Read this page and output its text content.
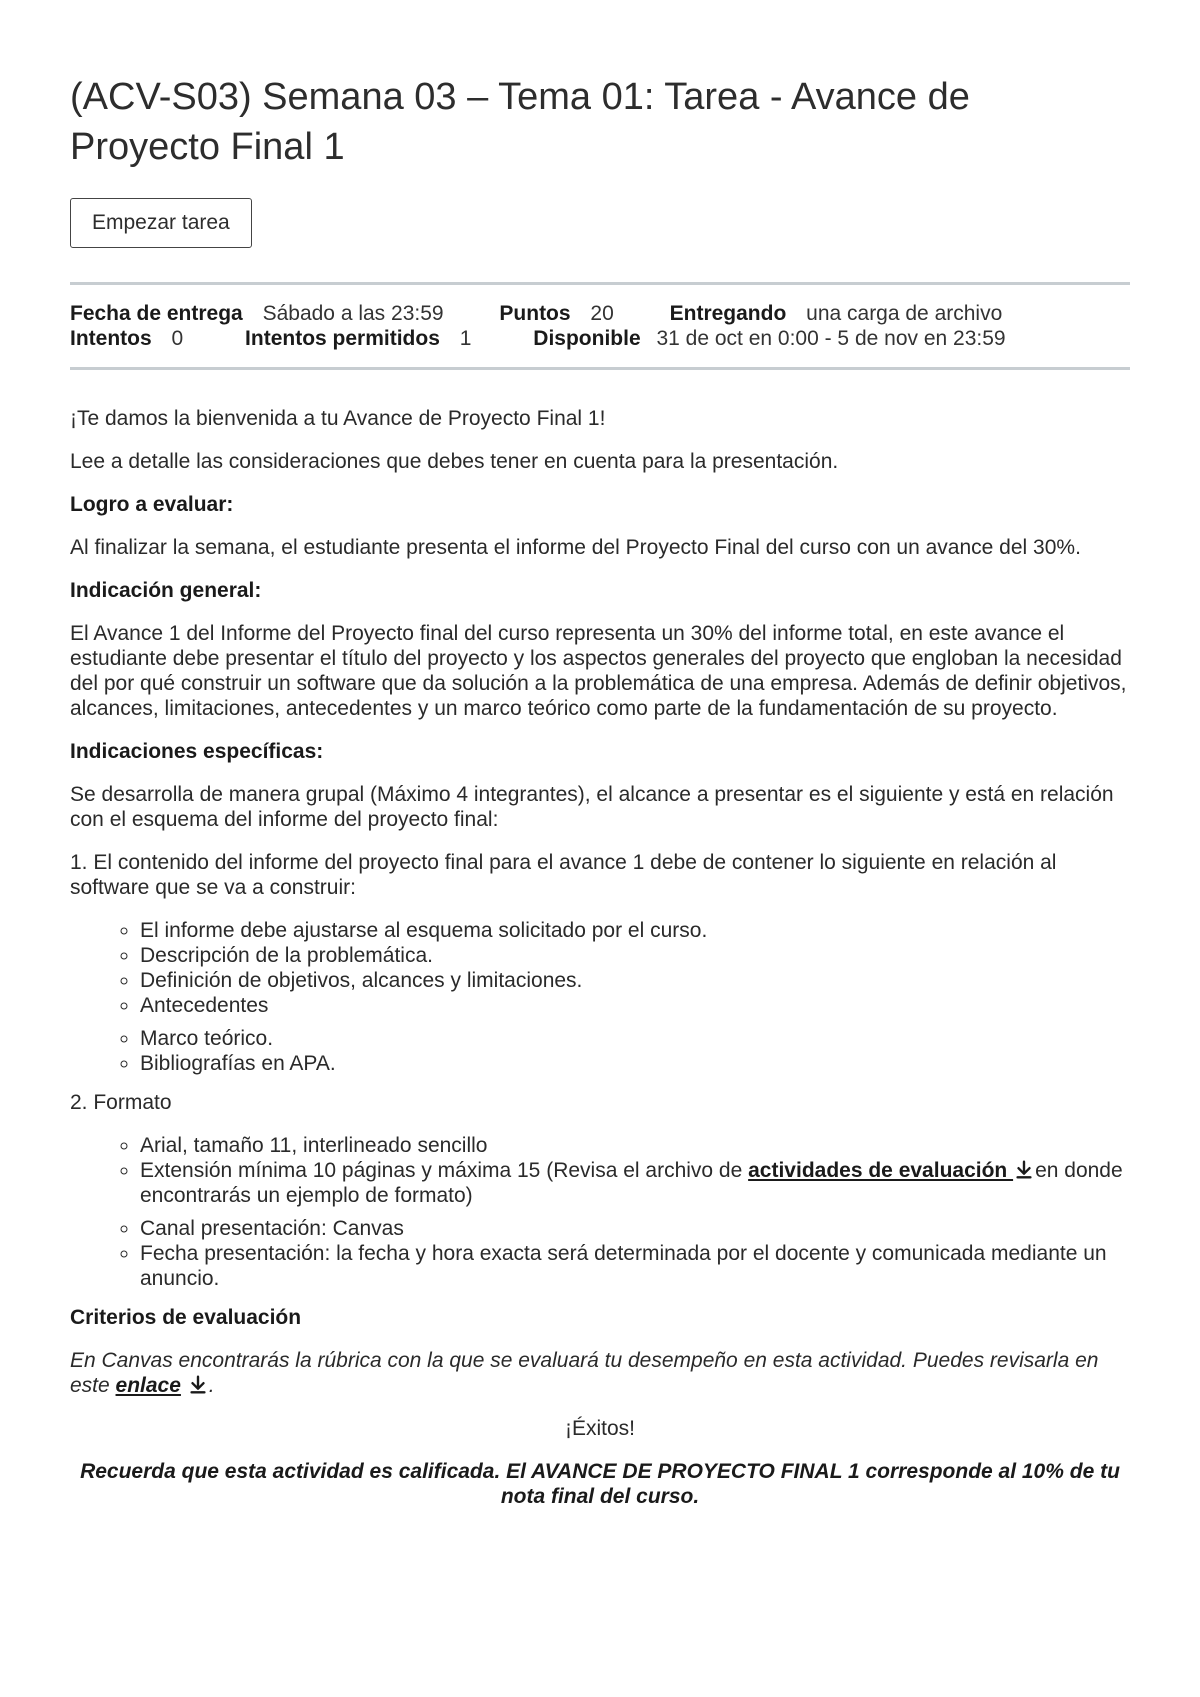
(ACV-S03) Semana 03 – Tema 01: Tarea - Avance de Proyecto Final 1
Empezar tarea
Fecha de entrega Sábado a las 23:59	Puntos 20	Entregando una carga de archivo
Intentos 0	Intentos permitidos 1	Disponible 31 de oct en 0:00 - 5 de nov en 23:59

¡Te damos la bienvenida a tu Avance de Proyecto Final 1!

Lee a detalle las consideraciones que debes tener en cuenta para la presentación.

Logro a evaluar:

Al finalizar la semana, el estudiante presenta el informe del Proyecto Final del curso con un avance del 30%.

Indicación general:

El Avance 1 del Informe del Proyecto final del curso representa un 30% del informe total, en este avance el estudiante debe presentar el título del proyecto y los aspectos generales del proyecto que engloban la necesidad del por qué construir un software que da solución a la problemática de una empresa. Además de definir objetivos, alcances, limitaciones, antecedentes y un marco teórico como parte de la fundamentación de su proyecto.

Indicaciones específicas:

Se desarrolla de manera grupal (Máximo 4 integrantes), el alcance a presentar es el siguiente y está en relación con el esquema del informe del proyecto final:

1. El contenido del informe del proyecto final para el avance 1 debe de contener lo siguiente en relación al software que se va a construir:

◦ El informe debe ajustarse al esquema solicitado por el curso.
◦ Descripción de la problemática.
◦ Definición de objetivos, alcances y limitaciones.
◦ Antecedentes
◦ Marco teórico.
◦ Bibliografías en APA.

2. Formato

◦ Arial, tamaño 11, interlineado sencillo
◦ Extensión mínima 10 páginas y máxima 15 (Revisa el archivo de actividades de evaluación en donde encontrarás un ejemplo de formato)
◦ Canal presentación: Canvas
◦ Fecha presentación: la fecha y hora exacta será determinada por el docente y comunicada mediante un anuncio.

Criterios de evaluación

En Canvas encontrarás la rúbrica con la que se evaluará tu desempeño en esta actividad. Puedes revisarla en este enlace .

¡Éxitos!

Recuerda que esta actividad es calificada. El AVANCE DE PROYECTO FINAL 1 corresponde al 10% de tu nota final del curso.
